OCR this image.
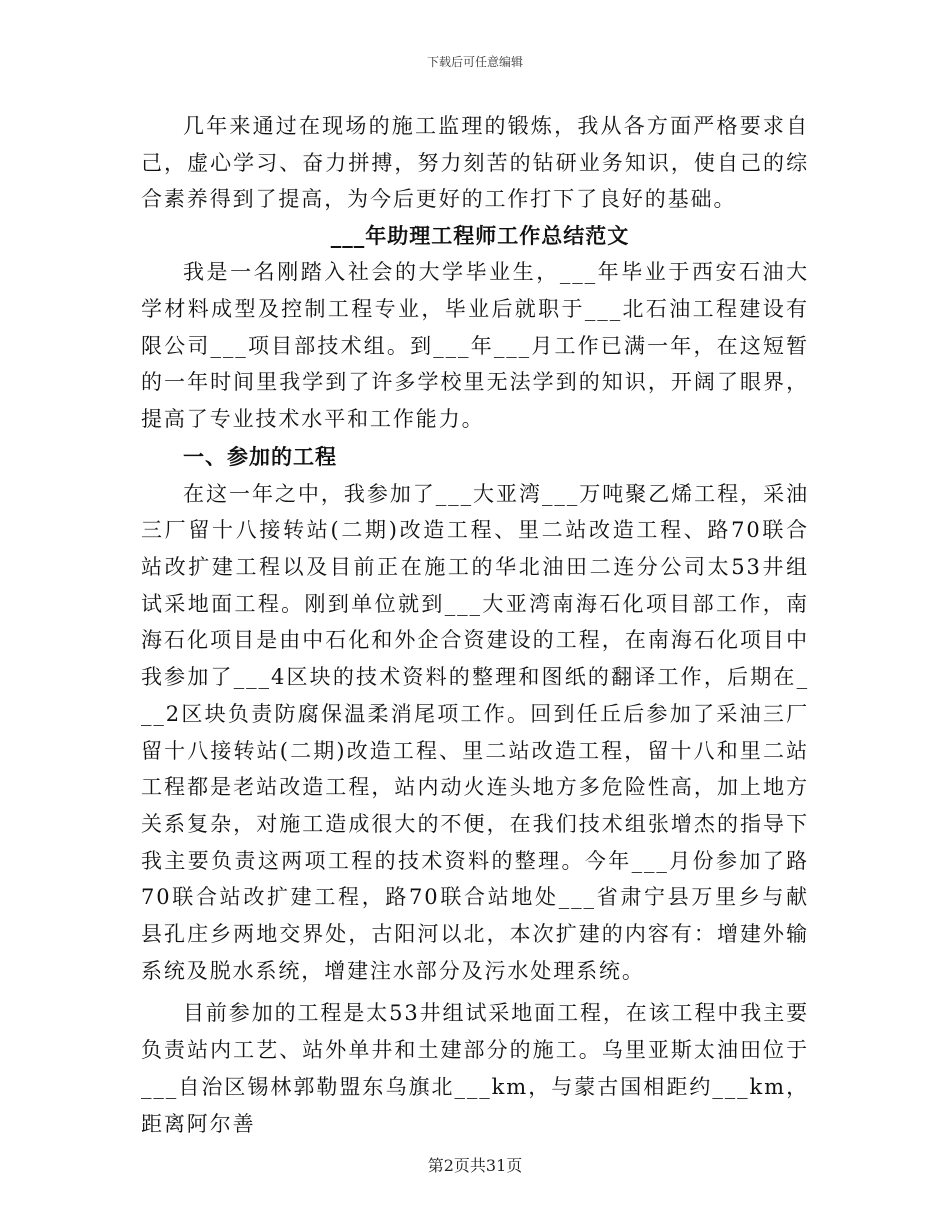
下载后可任意编辑

几年来通过在现场的施工监理的锻炼，我从各方面严格要求自己，虚心学习、奋力拼搏，努力刻苦的钻研业务知识，使自己的综合素养得到了提高，为今后更好的工作打下了良好的基础。

___年助理工程师工作总结范文

我是一名刚踏入社会的大学毕业生，___年毕业于西安石油大学材料成型及控制工程专业，毕业后就职于___北石油工程建设有限公司___项目部技术组。到___年___月工作已满一年，在这短暂的一年时间里我学到了许多学校里无法学到的知识，开阔了眼界，提高了专业技术水平和工作能力。

一、参加的工程

在这一年之中，我参加了___大亚湾___万吨聚乙烯工程，采油三厂留十八接转站(二期)改造工程、里二站改造工程、路70联合站改扩建工程以及目前正在施工的华北油田二连分公司太53井组试采地面工程。刚到单位就到___大亚湾南海石化项目部工作，南海石化项目是由中石化和外企合资建设的工程，在南海石化项目中我参加了___4区块的技术资料的整理和图纸的翻译工作，后期在___2区块负责防腐保温柔消尾项工作。回到任丘后参加了采油三厂留十八接转站(二期)改造工程、里二站改造工程，留十八和里二站工程都是老站改造工程，站内动火连头地方多危险性高，加上地方关系复杂，对施工造成很大的不便，在我们技术组张增杰的指导下我主要负责这两项工程的技术资料的整理。今年___月份参加了路70联合站改扩建工程，路70联合站地处___省肃宁县万里乡与献县孔庄乡两地交界处，古阳河以北，本次扩建的内容有：增建外输系统及脱水系统，增建注水部分及污水处理系统。

目前参加的工程是太53井组试采地面工程，在该工程中我主要负责站内工艺、站外单井和土建部分的施工。乌里亚斯太油田位于___自治区锡林郭勒盟东乌旗北___km，与蒙古国相距约___km，距离阿尔善

第2页共31页
